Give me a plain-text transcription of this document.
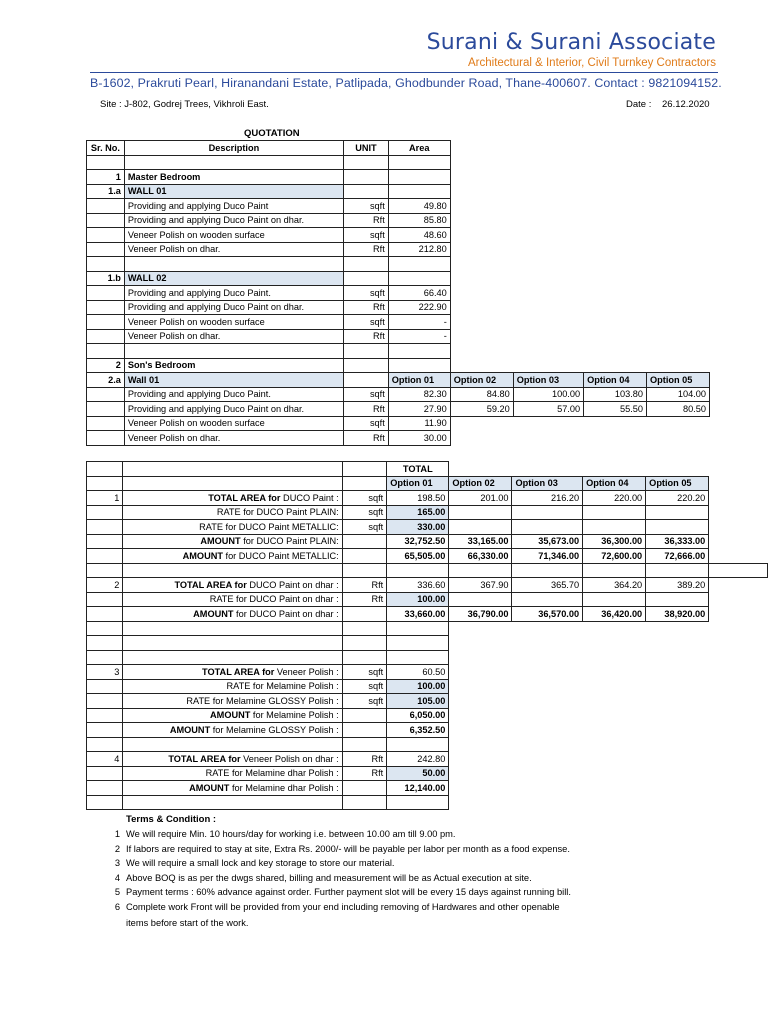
Surani & Surani Associate
Architectural & Interior, Civil Turnkey Contractors
B-1602, Prakruti Pearl, Hiranandani Estate, Patlipada, Ghodbunder Road, Thane-400607. Contact : 9821094152.
Site : J-802, Godrej Trees, Vikhroli East.	Date : 26.12.2020
QUOTATION
Sr. No.	Description	UNIT	Area					

1	Master Bedroom							
1.a	WALL 01							
	Providing and applying Duco Paint	sqft	49.80					
	Providing and applying Duco Paint on dhar.	Rft	85.80					
	Veneer Polish on wooden surface	sqft	48.60					
	Veneer Polish on dhar.	Rft	212.80					

1.b	WALL 02							
	Providing and applying Duco Paint.	sqft	66.40					
	Providing and applying Duco Paint on dhar.	Rft	222.90					
	Veneer Polish on wooden surface	sqft	-					
	Veneer Polish on dhar.	Rft	-					

2	Son's Bedroom							
2.a	Wall 01		Option 01	Option 02	Option 03	Option 04	Option 05	
	Providing and applying Duco Paint.	sqft	82.30	84.80	100.00	103.80	104.00	
	Providing and applying Duco Paint on dhar.	Rft	27.90	59.20	57.00	55.50	80.50	
	Veneer Polish on wooden surface	sqft	11.90					
	Veneer Polish on dhar.	Rft	30.00					
			TOTAL					
			Option 01	Option 02	Option 03	Option 04	Option 05	
1	TOTAL AREA for DUCO Paint :	sqft	198.50	201.00	216.20	220.00	220.20	
	RATE for DUCO Paint PLAIN:	sqft	165.00					
	RATE for DUCO Paint METALLIC:	sqft	330.00					
	AMOUNT for DUCO Paint PLAIN:		32,752.50	33,165.00	35,673.00	36,300.00	36,333.00	
	AMOUNT for DUCO Paint METALLIC:		65,505.00	66,330.00	71,346.00	72,600.00	72,666.00	

2	TOTAL AREA for DUCO Paint on dhar :	Rft	336.60	367.90	365.70	364.20	389.20	
	RATE for DUCO Paint on dhar :	Rft	100.00					
	AMOUNT for DUCO Paint on dhar :		33,660.00	36,790.00	36,570.00	36,420.00	38,920.00	

3	TOTAL AREA for Veneer Polish :	sqft	60.50					
	RATE for Melamine Polish :	sqft	100.00					
	RATE for Melamine GLOSSY Polish :	sqft	105.00					
	AMOUNT for Melamine Polish :		6,050.00					
	AMOUNT for Melamine GLOSSY Polish :		6,352.50					

4	TOTAL AREA for Veneer Polish on dhar :	Rft	242.80					
	RATE for Melamine dhar Polish :	Rft	50.00					
	AMOUNT for Melamine dhar Polish :		12,140.00					

Terms & Condition :
1 We will require Min. 10 hours/day for working i.e. between 10.00 am till 9.00 pm.
2 If labors are required to stay at site, Extra Rs. 2000/- will be payable per labor per month as a food expense.
3 We will require a small lock and key storage to store our material.
4 Above BOQ is as per the dwgs shared, billing and measurement will be as Actual execution at site.
5 Payment terms : 60% advance against order. Further payment slot will be every 15 days against running bill.
6 Complete work Front will be provided from your end including removing of Hardwares and other openable
items before start of the work.
